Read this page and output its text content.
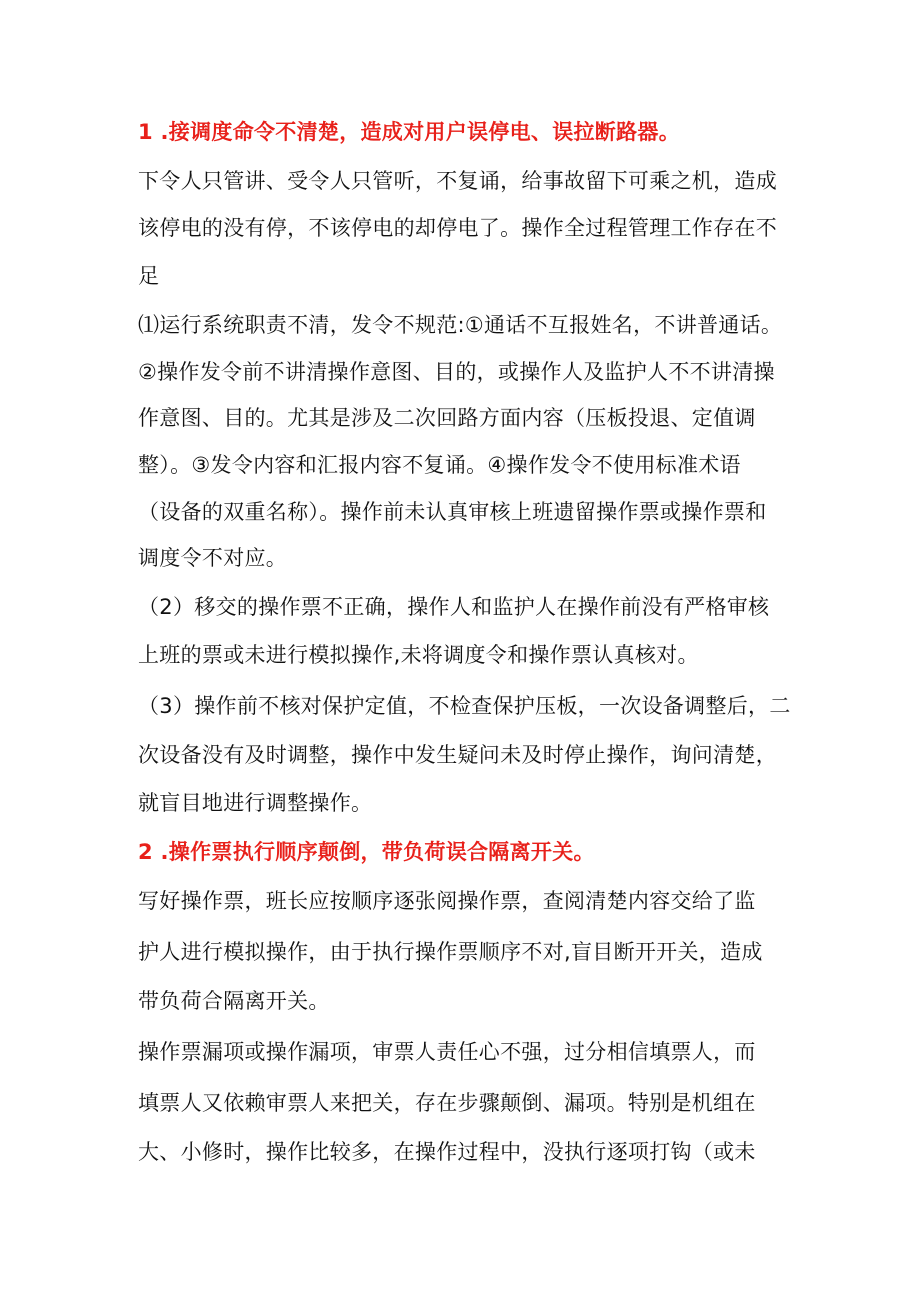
1 .接调度命令不清楚，造成对用户误停电、误拉断路器。
下令人只管讲、受令人只管听，不复诵，给事故留下可乘之机，造成
该停电的没有停，不该停电的却停电了。操作全过程管理工作存在不
足
⑴运行系统职责不清，发令不规范:①通话不互报姓名，不讲普通话。
②操作发令前不讲清操作意图、目的，或操作人及监护人不不讲清操
作意图、目的。尤其是涉及二次回路方面内容（压板投退、定值调
整）。③发令内容和汇报内容不复诵。④操作发令不使用标准术语
（设备的双重名称）。操作前未认真审核上班遗留操作票或操作票和
调度令不对应。
（2）移交的操作票不正确，操作人和监护人在操作前没有严格审核
上班的票或未进行模拟操作,未将调度令和操作票认真核对。
（3）操作前不核对保护定值，不检查保护压板，一次设备调整后，二
次设备没有及时调整，操作中发生疑问未及时停止操作，询问清楚，
就盲目地进行调整操作。
2 .操作票执行顺序颠倒，带负荷误合隔离开关。
写好操作票，班长应按顺序逐张阅操作票，查阅清楚内容交给了监
护人进行模拟操作，由于执行操作票顺序不对,盲目断开开关，造成
带负荷合隔离开关。
操作票漏项或操作漏项，审票人责任心不强，过分相信填票人，而
填票人又依赖审票人来把关，存在步骤颠倒、漏项。特别是机组在
大、小修时，操作比较多，在操作过程中，没执行逐项打钩（或未
